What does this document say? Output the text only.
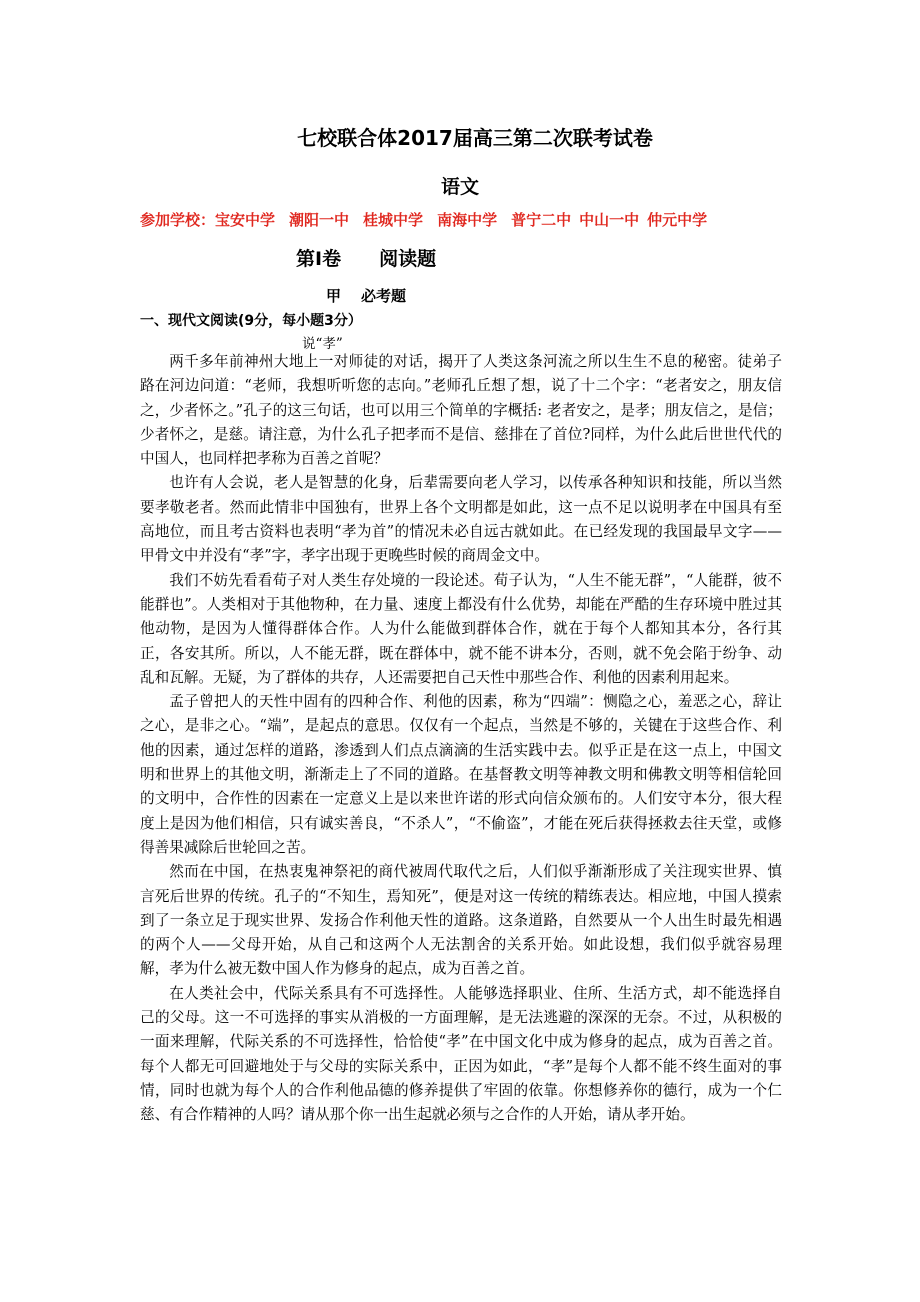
七校联合体2017届高三第二次联考试卷
语文
参加学校：宝安中学 潮阳一中 桂城中学 南海中学 普宁二中 中山一中 仲元中学
第Ⅰ卷 阅读题
甲 必考题
一、现代文阅读(9分，每小题3分）
说“孝”

两千多年前神州大地上一对师徒的对话，揭开了人类这条河流之所以生生不息的秘密。徒弟子路在河边问道：“老师，我想听听您的志向。”老师孔丘想了想，说了十二个字：“老者安之，朋友信之，少者怀之。”孔子的这三句话，也可以用三个简单的字概括: 老者安之，是孝；朋友信之，是信；少者怀之，是慈。请注意，为什么孔子把孝而不是信、慈排在了首位?同样，为什么此后世世代代的中国人，也同样把孝称为百善之首呢？

也许有人会说，老人是智慧的化身，后辈需要向老人学习，以传承各种知识和技能，所以当然要孝敬老者。然而此情非中国独有，世界上各个文明都是如此，这一点不足以说明孝在中国具有至高地位，而且考古资料也表明“孝为首”的情况未必自远古就如此。在已经发现的我国最早文字——甲骨文中并没有“孝”字，孝字出现于更晚些时候的商周金文中。

我们不妨先看看荀子对人类生存处境的一段论述。荀子认为，“人生不能无群”，“人能群，彼不能群也”。人类相对于其他物种，在力量、速度上都没有什么优势，却能在严酷的生存环境中胜过其他动物，是因为人懂得群体合作。人为什么能做到群体合作，就在于每个人都知其本分，各行其正，各安其所。所以，人不能无群，既在群体中，就不能不讲本分，否则，就不免会陷于纷争、动乱和瓦解。无疑，为了群体的共存，人还需要把自己天性中那些合作、利他的因素利用起来。

孟子曾把人的天性中固有的四种合作、利他的因素，称为“四端”：恻隐之心，羞恶之心，辞让之心，是非之心。“端”，是起点的意思。仅仅有一个起点，当然是不够的，关键在于这些合作、利他的因素，通过怎样的道路，渗透到人们点点滴滴的生活实践中去。似乎正是在这一点上，中国文明和世界上的其他文明，渐渐走上了不同的道路。在基督教文明等神教文明和佛教文明等相信轮回的文明中，合作性的因素在一定意义上是以来世许诺的形式向信众颁布的。人们安守本分，很大程度上是因为他们相信，只有诚实善良，“不杀人”，“不偷盗”，才能在死后获得拯救去往天堂，或修得善果减除后世轮回之苦。

然而在中国，在热衷鬼神祭祀的商代被周代取代之后，人们似乎渐渐形成了关注现实世界、慎言死后世界的传统。孔子的“不知生，焉知死”，便是对这一传统的精练表达。相应地，中国人摸索到了一条立足于现实世界、发扬合作利他天性的道路。这条道路，自然要从一个人出生时最先相遇的两个人——父母开始，从自己和这两个人无法割舍的关系开始。如此设想，我们似乎就容易理解，孝为什么被无数中国人作为修身的起点，成为百善之首。

在人类社会中，代际关系具有不可选择性。人能够选择职业、住所、生活方式，却不能选择自己的父母。这一不可选择的事实从消极的一方面理解，是无法逃避的深深的无奈。不过，从积极的一面来理解，代际关系的不可选择性，恰恰使“孝”在中国文化中成为修身的起点，成为百善之首。每个人都无可回避地处于与父母的实际关系中，正因为如此，“孝”是每个人都不能不终生面对的事情，同时也就为每个人的合作利他品德的修养提供了牢固的依靠。你想修养你的德行，成为一个仁慈、有合作精神的人吗？请从那个你一出生起就必须与之合作的人开始，请从孝开始。
